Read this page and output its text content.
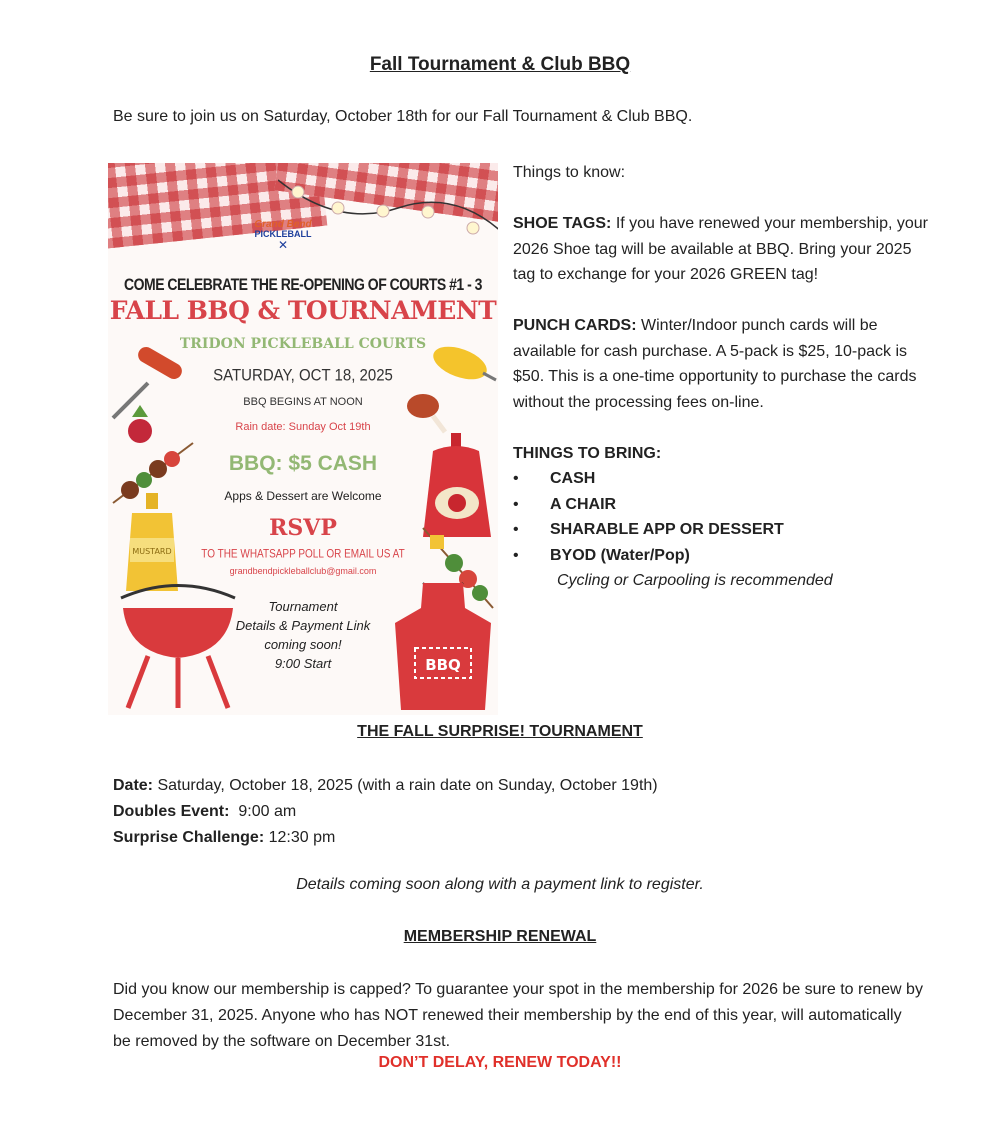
Fall Tournament & Club BBQ
Be sure to join us on Saturday, October 18th for our Fall Tournament & Club BBQ.
Grand Bend
PICKLEBALL
✕
COME CELEBRATE THE RE-OPENING OF COURTS #1 - 3
FALL BBQ & TOURNAMENT
TRIDON PICKLEBALL COURTS
SATURDAY, OCT 18, 2025
BBQ BEGINS AT NOON
Rain date: Sunday Oct 19th
BBQ: $5 CASH
Apps & Dessert are Welcome
RSVP
TO THE WHATSAPP POLL OR EMAIL US AT
grandbendpickleballclub@gmail.com
Tournament
Details & Payment Link
coming soon!
9:00 Start
MUSTARD
BBQ

Things to know:

SHOE TAGS: If you have renewed your membership, your 2026 Shoe tag will be available at BBQ. Bring your 2025 tag to exchange for your 2026 GREEN tag!

PUNCH CARDS: Winter/Indoor punch cards will be available for cash purchase. A 5-pack is $25, 10-pack is $50. This is a one-time opportunity to purchase the cards without the processing fees on-line.

THINGS TO BRING:

• CASH
• A CHAIR
• SHARABLE APP OR DESSERT
• BYOD (Water/Pop)

Cycling or Carpooling is recommended

THE FALL SURPRISE! TOURNAMENT
Date: Saturday, October 18, 2025 (with a rain date on Sunday, October 19th)
Doubles Event:  9:00 am
Surprise Challenge: 12:30 pm
Details coming soon along with a payment link to register.
MEMBERSHIP RENEWAL
Did you know our membership is capped? To guarantee your spot in the membership for 2026 be sure to renew by December 31, 2025. Anyone who has NOT renewed their membership by the end of this year, will automatically be removed by the software on December 31st.
DON’T DELAY, RENEW TODAY!!
